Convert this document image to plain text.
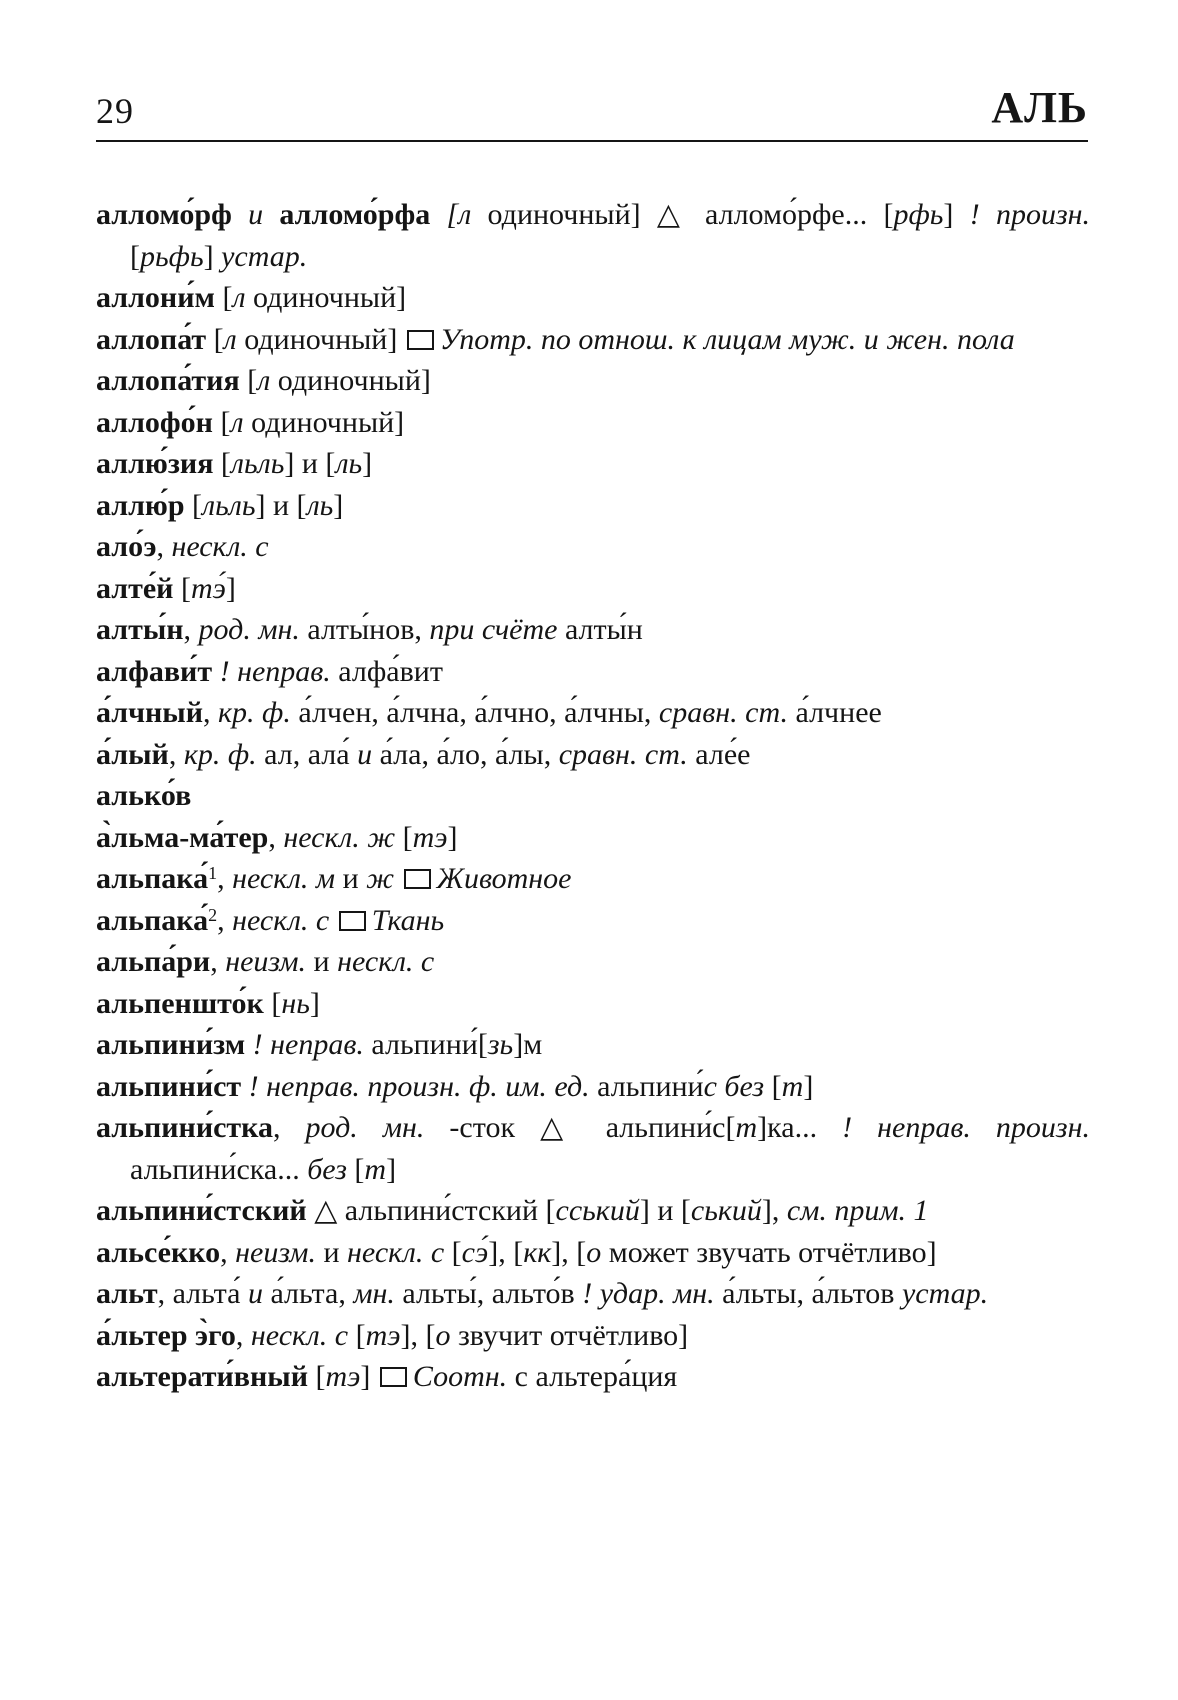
29	АЛЬ

алломо́рф и алломо́рфа [л одиночный] △ алломо́рфе... [рфь] ! произн. [рьфь] устар.

аллони́м [л одиночный]

аллопа́т [л одиночный] Употр. по отнош. к лицам муж. и жен. пола

аллопа́тия [л одиночный]

аллофо́н [л одиночный]

аллю́зия [льль] и [ль]

аллю́р [льль] и [ль]

ало́э, нескл. с

алте́й [тэ́]

алты́н, род. мн. алты́нов, при счёте алты́н

алфави́т ! неправ. алфа́вит

а́лчный, кр. ф. а́лчен, а́лчна, а́лчно, а́лчны, сравн. ст. а́лчнее

а́лый, кр. ф. ал, ала́ и а́ла, а́ло, а́лы, сравн. ст. але́е

алько́в

а̀льма-ма́тер, нескл. ж [тэ]

альпака́$^1$, нескл. м и ж Животное

альпака́$^2$, нескл. с Ткань

альпа́ри, неизм. и нескл. с

альпеншто́к [нь]

альпини́зм ! неправ. альпини́[зь]м

альпини́ст ! неправ. произн. ф. им. ед. альпини́с без [т]

альпини́стка, род. мн. -сток △ альпини́с[т]ка... ! неправ. произн. альпини́ска... без [т]

альпини́стский △ альпини́стский [сський] и [ський], см. прим. 1

альсе́кко, неизм. и нескл. с [сэ́], [кк], [о может звучать отчётливо]

альт, альта́ и а́льта, мн. альты́, альто́в ! удар. мн. а́льты, а́льтов устар.

а́льтер э̀го, нескл. с [тэ], [о звучит отчётливо]

альтерати́вный [тэ] Соотн. с альтера́ция
